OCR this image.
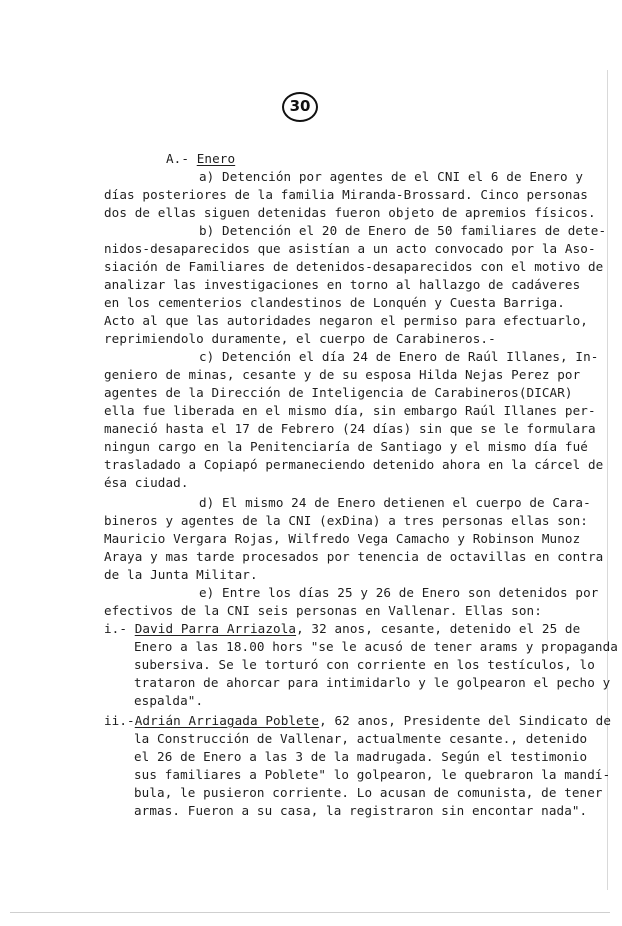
30
A.- Enero
a) Detención por agentes de el CNI el 6 de Enero y
días posteriores de la familia Miranda-Brossard. Cinco personas
dos de ellas siguen detenidas fueron objeto de apremios físicos.
b) Detención el 20 de Enero de 50 familiares de dete-
nidos-desaparecidos que asistían a un acto convocado por la Aso-
siación de Familiares de detenidos-desaparecidos con el motivo de
analizar las investigaciones en torno al hallazgo de cadáveres
en los cementerios clandestinos de Lonquén y Cuesta Barriga.
Acto al que las autoridades negaron el permiso para efectuarlo,
reprimiendolo duramente, el cuerpo de Carabineros.-
c) Detención el día 24 de Enero de Raúl Illanes, In-
geniero de minas, cesante y de su esposa Hilda Nejas Perez por
agentes de la Dirección de Inteligencia de Carabineros(DICAR)
ella fue liberada en el mismo día, sin embargo Raúl Illanes per-
maneció hasta el 17 de Febrero (24 días) sin que se le formulara
ningun cargo en la Penitenciaría de Santiago y el mismo día fué
trasladado a Copiapó permaneciendo detenido ahora en la cárcel de
ésa ciudad.
d) El mismo 24 de Enero detienen el cuerpo de Cara-
bineros y agentes de la CNI (exDina) a tres personas ellas son:
Mauricio Vergara Rojas, Wilfredo Vega Camacho y Robinson Munoz
Araya y mas tarde procesados por tenencia de octavillas en contra
de la Junta Militar.
e) Entre los días 25 y 26 de Enero son detenidos por
efectivos de la CNI seis personas en Vallenar. Ellas son:
i.- David Parra Arriazola, 32 anos, cesante, detenido el 25 de
Enero a las 18.00 hors "se le acusó de tener arams y propaganda
subersiva. Se le torturó con corriente en los testículos, lo
trataron de ahorcar para intimidarlo y le golpearon el pecho y
espalda".
ii.-Adrián Arriagada Poblete, 62 anos, Presidente del Sindicato de
la Construcción de Vallenar, actualmente cesante., detenido
el 26 de Enero a las 3 de la madrugada. Según el testimonio
sus familiares a Poblete" lo golpearon, le quebraron la mandí-
bula, le pusieron corriente. Lo acusan de comunista, de tener
armas. Fueron a su casa, la registraron sin encontar nada".
